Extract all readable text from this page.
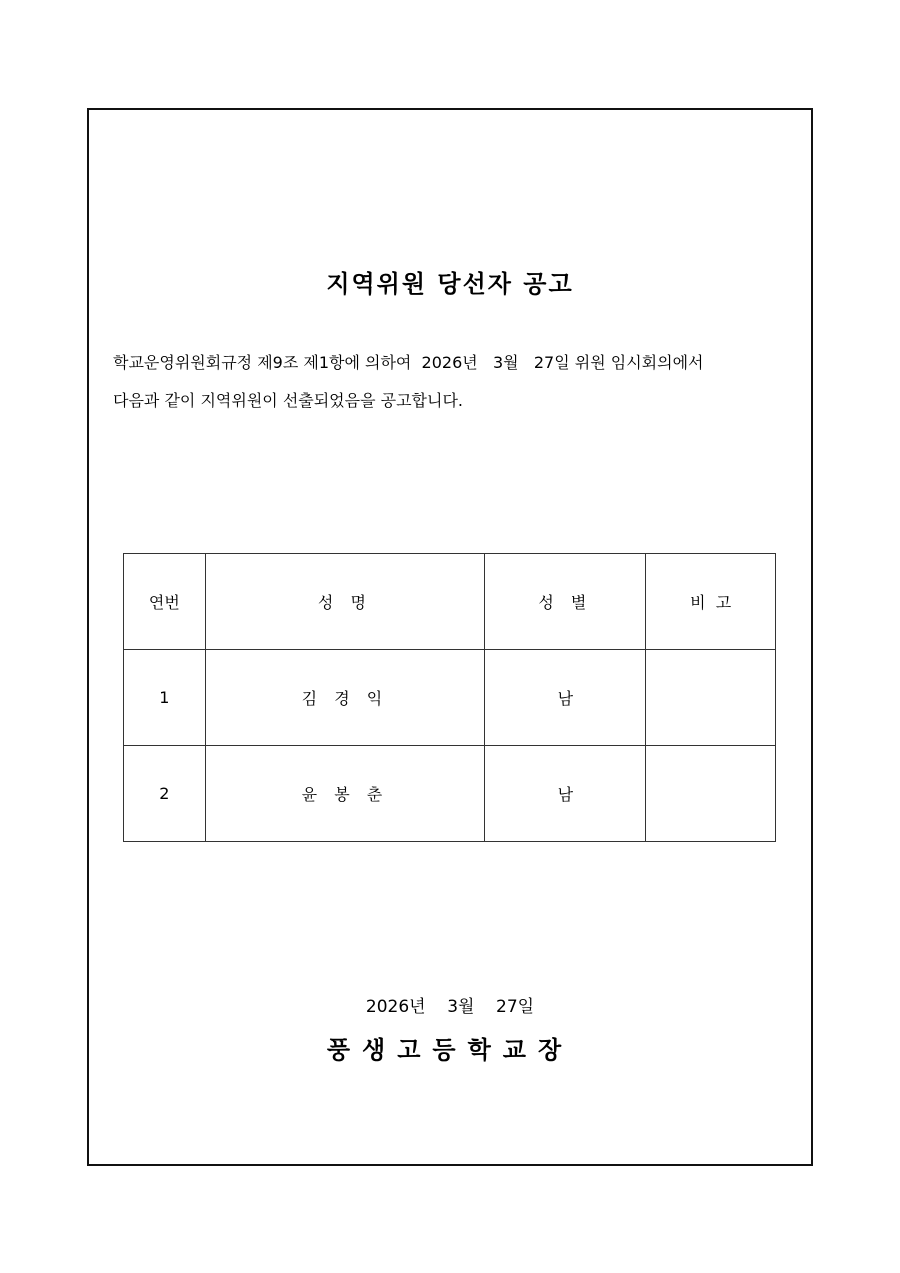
지역위원 당선자 공고
학교운영위원회규정 제9조 제1항에 의하여  2026년   3월   27일 위원 임시회의에서
다음과 같이 지역위원이 선출되었음을 공고합니다.
연번	성 명	성 별	비  고
1	김 경 익	남	
2	윤 봉 춘	남	
2026년    3월    27일
풍생고등학교장
